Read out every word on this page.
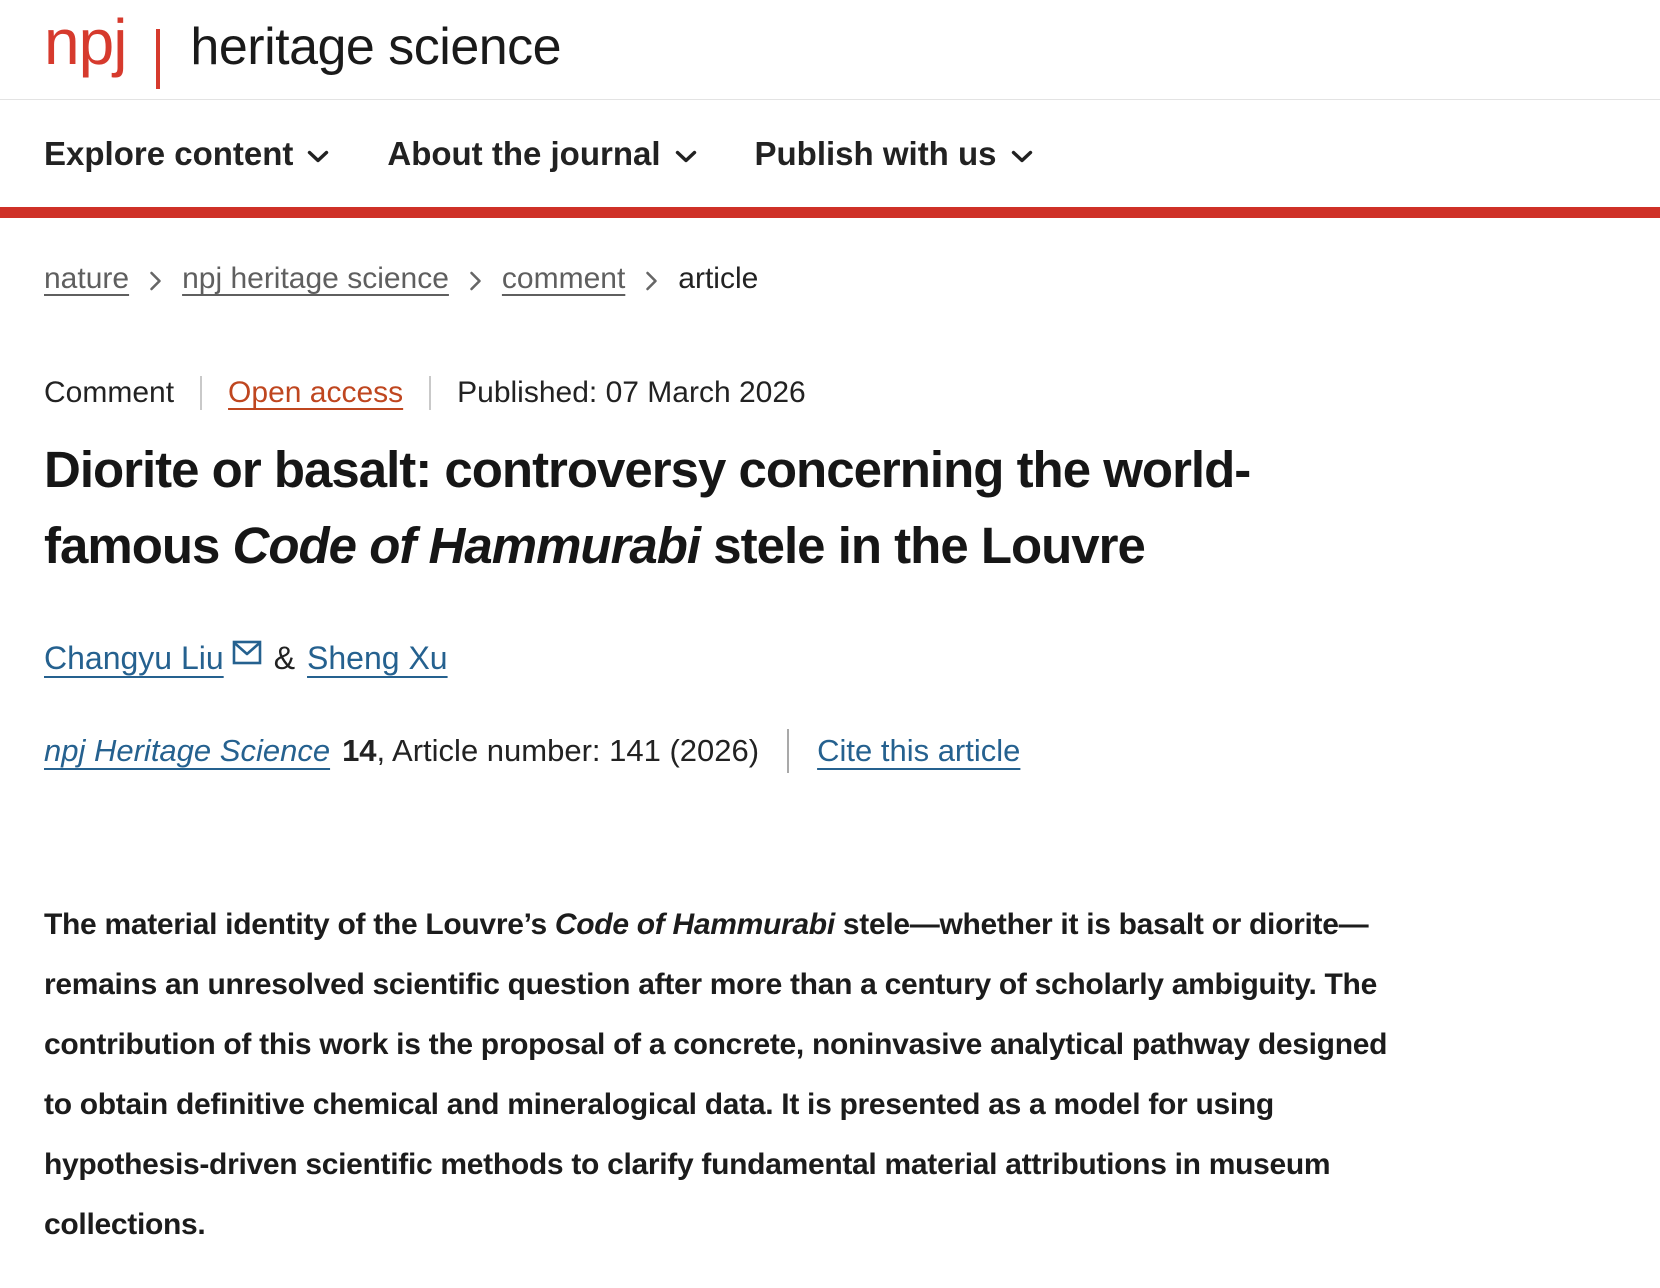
npj heritage science
Explore content	About the journal	Publish with us
nature npj heritage science comment article
Comment Open access Published: 07 March 2026
Diorite or basalt: controversy concerning the world-famous Code of Hammurabi stele in the Louvre
Changyu Liu & Sheng Xu
npj Heritage Science 14 , Article number: 141 (2026) Cite this article

The material identity of the Louvre’s Code of Hammurabi stele—whether it is basalt or diorite—remains an unresolved scientific question after more than a century of scholarly ambiguity. The contribution of this work is the proposal of a concrete, noninvasive analytical pathway designed to obtain definitive chemical and mineralogical data. It is presented as a model for using hypothesis-driven scientific methods to clarify fundamental material attributions in museum collections.
